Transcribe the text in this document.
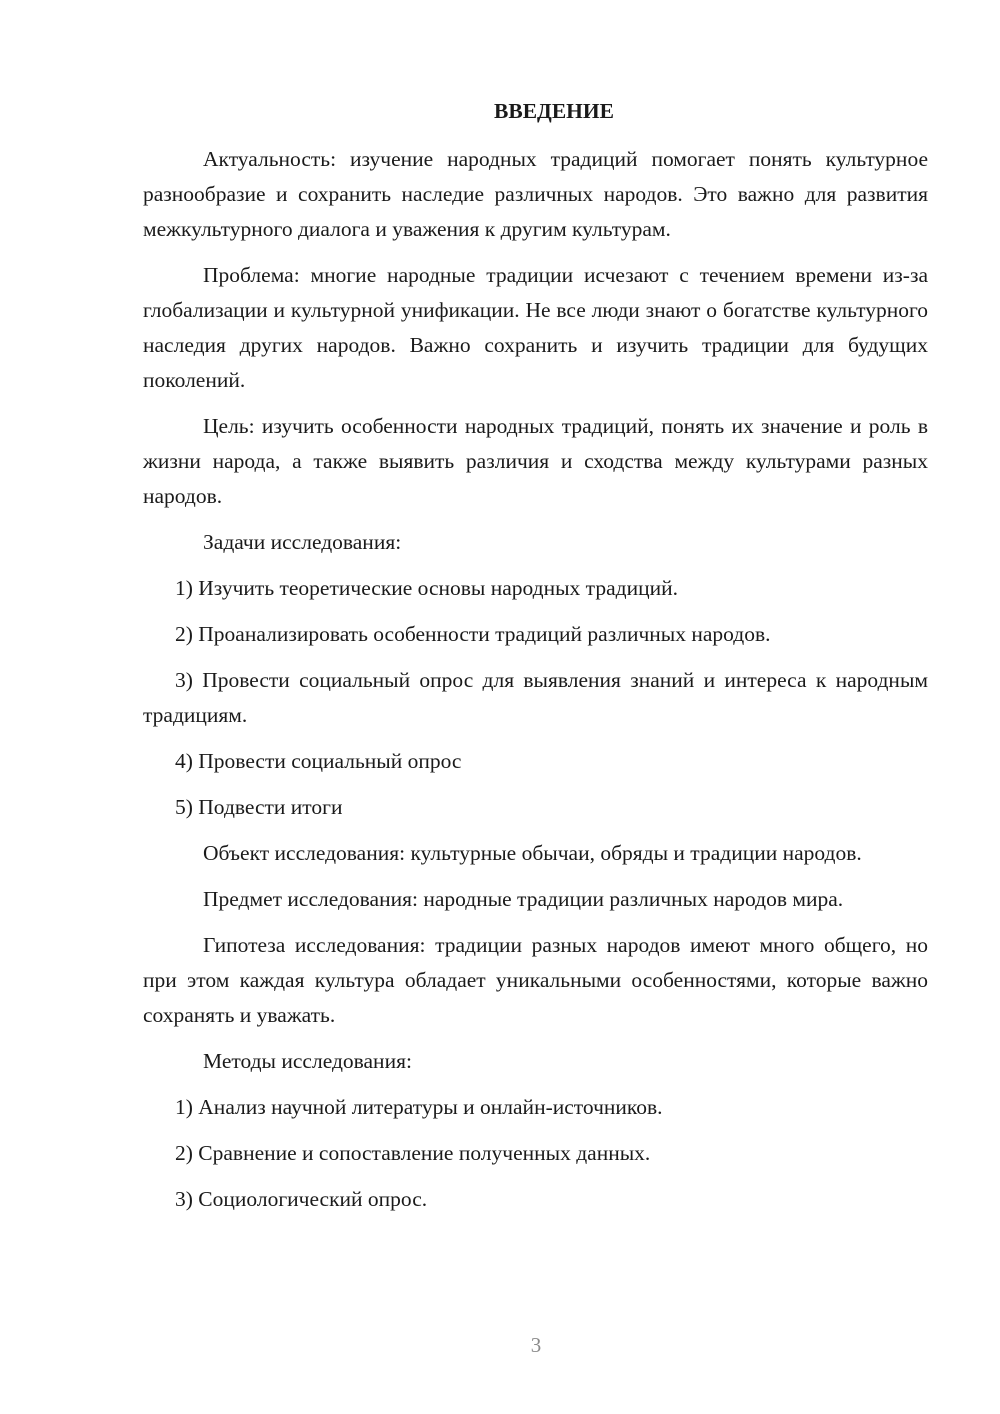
ВВЕДЕНИЕ

Актуальность: изучение народных традиций помогает понять культурное разнообразие и сохранить наследие различных народов. Это важно для развития межкультурного диалога и уважения к другим культурам.

Проблема: многие народные традиции исчезают с течением времени из-за глобализации и культурной унификации. Не все люди знают о богатстве культурного наследия других народов. Важно сохранить и изучить традиции для будущих поколений.

Цель: изучить особенности народных традиций, понять их значение и роль в жизни народа, а также выявить различия и сходства между культурами разных народов.

Задачи исследования:

1) Изучить теоретические основы народных традиций.

2) Проанализировать особенности традиций различных народов.

3) Провести социальный опрос для выявления знаний и интереса к народным традициям.

4) Провести социальный опрос

5) Подвести итоги

Объект исследования: культурные обычаи, обряды и традиции народов.

Предмет исследования: народные традиции различных народов мира.

Гипотеза исследования: традиции разных народов имеют много общего, но при этом каждая культура обладает уникальными особенностями, которые важно сохранять и уважать.

Методы исследования:

1) Анализ научной литературы и онлайн-источников.

2) Сравнение и сопоставление полученных данных.

3) Социологический опрос.

3
